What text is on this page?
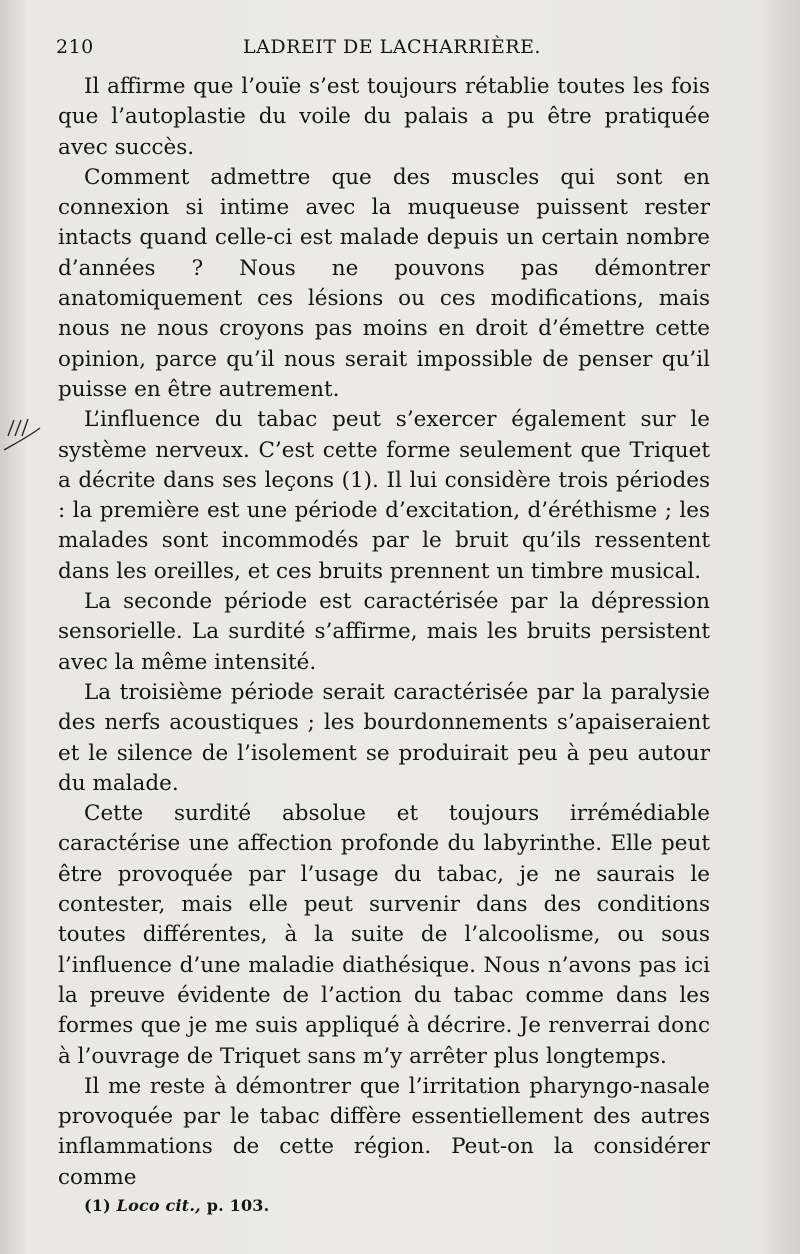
210	LADREIT DE LACHARRIÈRE.

Il affirme que l’ouïe s’est toujours rétablie toutes les fois que l’autoplastie du voile du palais a pu être pratiquée avec succès.

Comment admettre que des muscles qui sont en connexion si intime avec la muqueuse puissent rester intacts quand celle-ci est malade depuis un certain nombre d’années ? Nous ne pouvons pas démontrer anatomiquement ces lésions ou ces modifications, mais nous ne nous croyons pas moins en droit d’émettre cette opinion, parce qu’il nous serait impossible de penser qu’il puisse en être autrement.

L’influence du tabac peut s’exercer également sur le système nerveux. C’est cette forme seulement que Triquet a décrite dans ses leçons (1). Il lui considère trois périodes : la première est une période d’excitation, d’éréthisme ; les malades sont incommodés par le bruit qu’ils ressentent dans les oreilles, et ces bruits prennent un timbre musical.

La seconde période est caractérisée par la dépression sensorielle. La surdité s’affirme, mais les bruits persistent avec la même intensité.

La troisième période serait caractérisée par la paralysie des nerfs acoustiques ; les bourdonnements s’apaiseraient et le silence de l’isolement se produirait peu à peu autour du malade.

Cette surdité absolue et toujours irrémédiable caractérise une affection profonde du labyrinthe. Elle peut être provoquée par l’usage du tabac, je ne saurais le contester, mais elle peut survenir dans des conditions toutes différentes, à la suite de l’alcoolisme, ou sous l’influence d’une maladie diathésique. Nous n’avons pas ici la preuve évidente de l’action du tabac comme dans les formes que je me suis appliqué à décrire. Je renverrai donc à l’ouvrage de Triquet sans m’y arrêter plus longtemps.

Il me reste à démontrer que l’irritation pharyngo-nasale provoquée par le tabac diffère essentiellement des autres inflammations de cette région. Peut-on la considérer comme

(1) Loco cit., p. 103.
